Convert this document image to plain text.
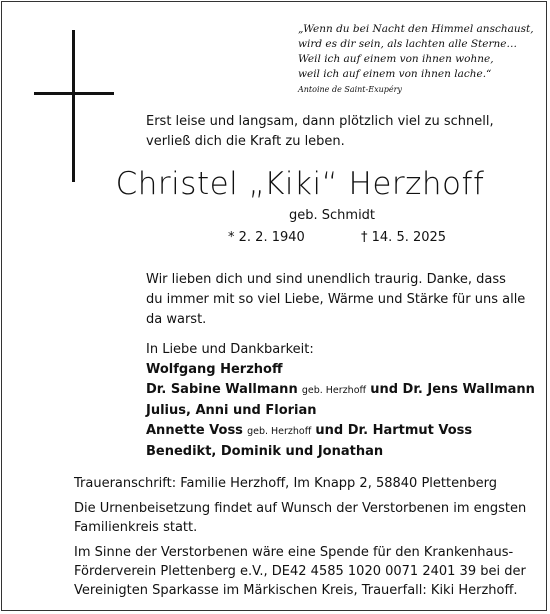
„Wenn du bei Nacht den Himmel anschaust,
wird es dir sein, als lachten alle Sterne…
Weil ich auf einem von ihnen wohne,
weil ich auf einem von ihnen lache.“
Antoine de Saint-Exupéry
Erst leise und langsam, dann plötzlich viel zu schnell,
verließ dich die Kraft zu leben.
Christel „Kiki“ Herzhoff
geb. Schmidt
* 2. 2. 1940	† 14. 5. 2025
Wir lieben dich und sind unendlich traurig. Danke, dass du immer mit so viel Liebe, Wärme und Stärke für uns alle da warst.
In Liebe und Dankbarkeit:
Wolfgang Herzhoff
Dr. Sabine Wallmann geb. Herzhoff und Dr. Jens Wallmann
Julius, Anni und Florian
Annette Voss geb. Herzhoff und Dr. Hartmut Voss
Benedikt, Dominik und Jonathan
Traueranschrift: Familie Herzhoff, Im Knapp 2, 58840 Plettenberg
Die Urnenbeisetzung findet auf Wunsch der Verstorbenen im engsten Familienkreis statt.
Im Sinne der Verstorbenen wäre eine Spende für den Krankenhaus-Förderverein Plettenberg e.V., DE42 4585 1020 0071 2401 39 bei der Vereinigten Sparkasse im Märkischen Kreis, Trauerfall: Kiki Herzhoff.
